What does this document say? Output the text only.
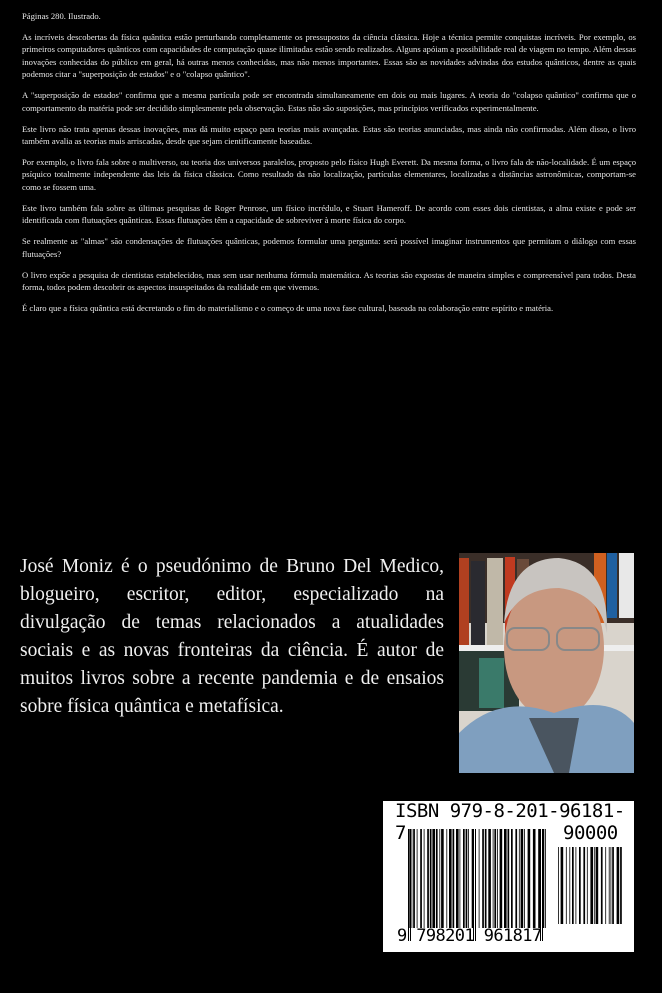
Páginas 280. Ilustrado.

As incríveis descobertas da física quântica estão perturbando completamente os pressupostos da ciência clássica. Hoje a técnica permite conquistas incríveis. Por exemplo, os primeiros computadores quânticos com capacidades de computação quase ilimitadas estão sendo realizados. Alguns apóiam a possibilidade real de viagem no tempo. Além dessas inovações conhecidas do público em geral, há outras menos conhecidas, mas não menos importantes. Essas são as novidades advindas dos estudos quânticos, dentre as quais podemos citar a "superposição de estados" e o "colapso quântico".

A "superposição de estados" confirma que a mesma partícula pode ser encontrada simultaneamente em dois ou mais lugares. A teoria do "colapso quântico" confirma que o comportamento da matéria pode ser decidido simplesmente pela observação. Estas não são suposições, mas princípios verificados experimentalmente.

Este livro não trata apenas dessas inovações, mas dá muito espaço para teorias mais avançadas. Estas são teorias anunciadas, mas ainda não confirmadas. Além disso, o livro também avalia as teorias mais arriscadas, desde que sejam cientificamente baseadas.

Por exemplo, o livro fala sobre o multiverso, ou teoria dos universos paralelos, proposto pelo físico Hugh Everett. Da mesma forma, o livro fala de não-localidade. É um espaço psíquico totalmente independente das leis da física clássica. Como resultado da não localização, partículas elementares, localizadas a distâncias astronômicas, comportam-se como se fossem uma.

Este livro também fala sobre as últimas pesquisas de Roger Penrose, um físico incrédulo, e Stuart Hameroff. De acordo com esses dois cientistas, a alma existe e pode ser identificada com flutuações quânticas. Essas flutuações têm a capacidade de sobreviver à morte física do corpo.

Se realmente as "almas" são condensações de flutuações quânticas, podemos formular uma pergunta: será possível imaginar instrumentos que permitam o diálogo com essas flutuações?

O livro expõe a pesquisa de cientistas estabelecidos, mas sem usar nenhuma fórmula matemática. As teorias são expostas de maneira simples e compreensível para todos. Desta forma, todos podem descobrir os aspectos insuspeitados da realidade em que vivemos.

É claro que a física quântica está decretando o fim do materialismo e o começo de uma nova fase cultural, baseada na colaboração entre espírito e matéria.

José Moniz é o pseudónimo de Bruno Del Medico, blogueiro, escritor, editor, especializado na divulgação de temas relacionados a atualidades sociais e as novas fronteiras da ciência. É autor de muitos livros sobre a recente pandemia e de ensaios sobre física quântica e metafísica.
ISBN 979-8-201-96181-7	90000
9 798201 961817
